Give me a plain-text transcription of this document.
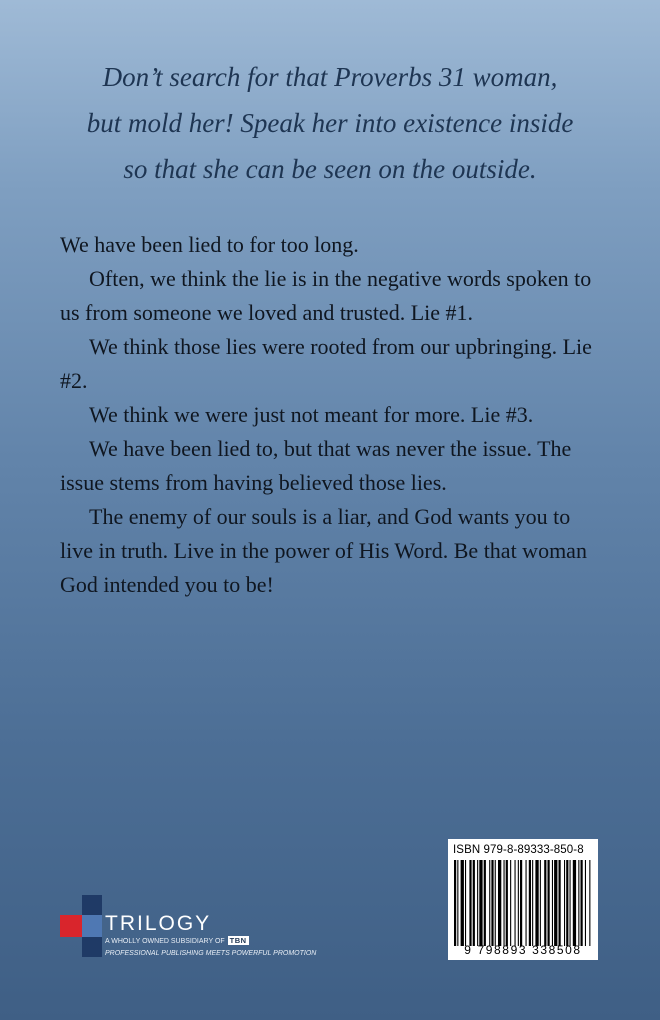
Don’t search for that Proverbs 31 woman,
but mold her! Speak her into existence inside
so that she can be seen on the outside.

We have been lied to for too long.

Often, we think the lie is in the negative words spoken to us from someone we loved and trusted. Lie #1.

We think those lies were rooted from our upbringing. Lie #2.

We think we were just not meant for more. Lie #3.

We have been lied to, but that was never the issue. The issue stems from having believed those lies.

The enemy of our souls is a liar, and God wants you to live in truth. Live in the power of His Word. Be that woman God intended you to be!

TRILOGY
A WHOLLY OWNED SUBSIDIARY OF TBN
PROFESSIONAL PUBLISHING MEETS POWERFUL PROMOTION
ISBN 979-8-89333-850-8
9 798893 338508
